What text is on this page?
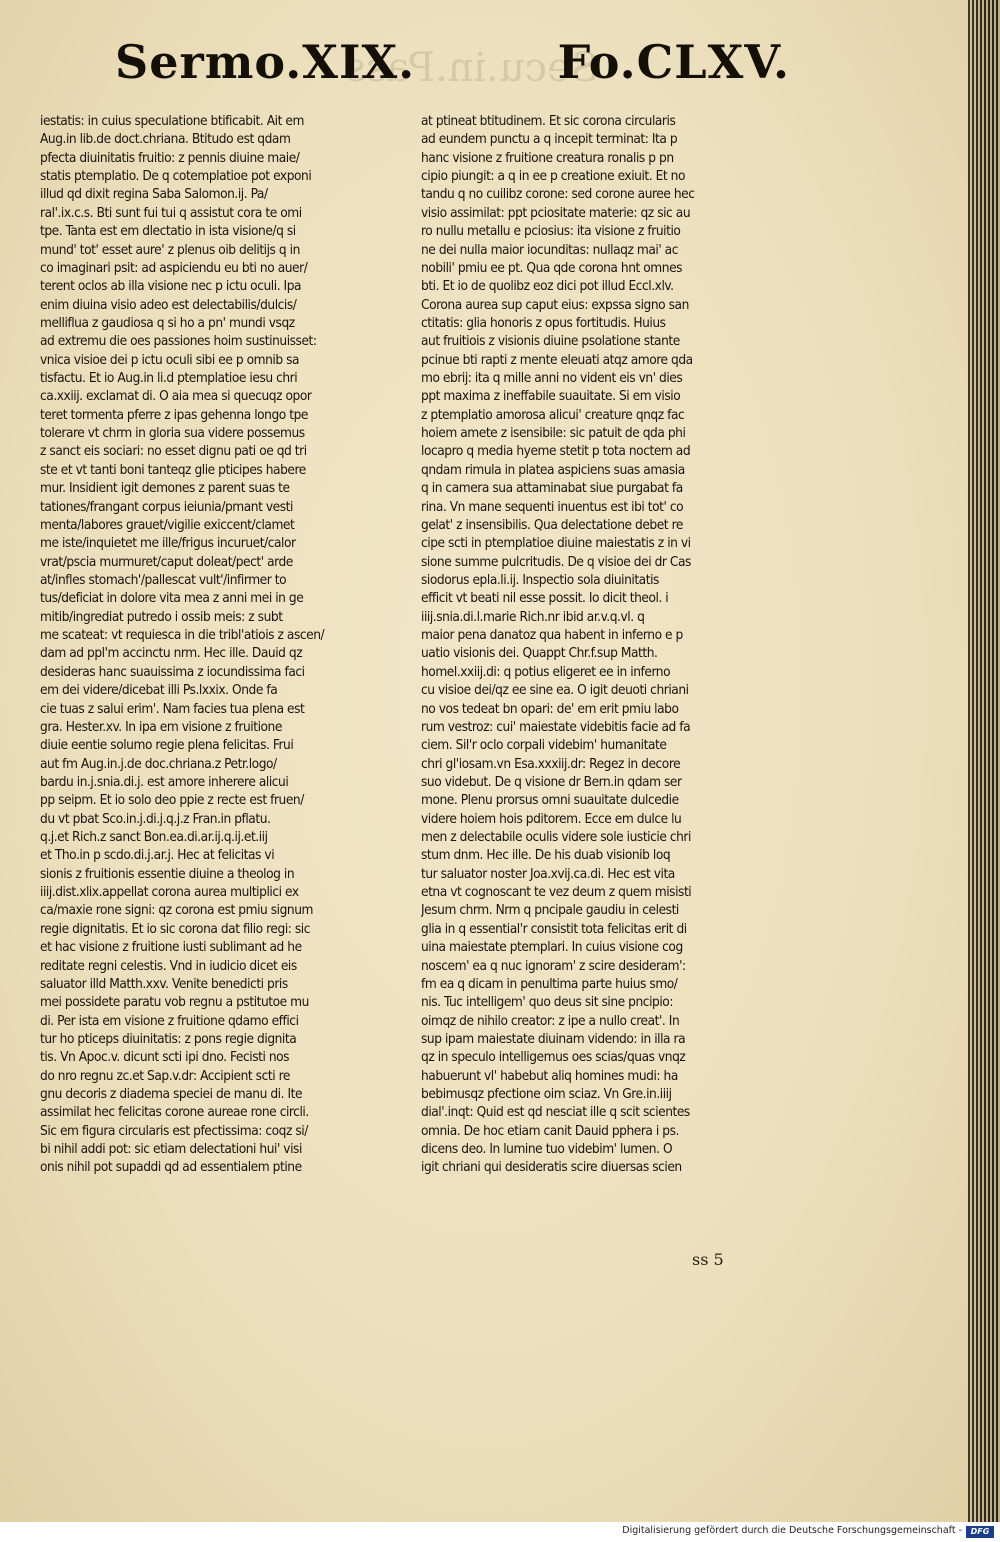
Secu.in.Pass
Sermo.XIX.	Fo.CLXV.
iestatis: in cuius speculatione btificabit. Ait em
Aug.in lib.de doct.chriana. Btitudo est qdam
pfecta diuinitatis fruitio: z pennis diuine maie/
statis ptemplatio. De q cotemplatioe pot exponi
illud qd dixit regina Saba Salomon.ij. Pa/
ral'.ix.c.s. Bti sunt fui tui q assistut cora te omi
tpe. Tanta est em dlectatio in ista visione/q si
mund' tot' esset aure' z plenus oib delitijs q in
co imaginari psit: ad aspiciendu eu bti no auer/
terent oclos ab illa visione nec p ictu oculi. Ipa
enim diuina visio adeo est delectabilis/dulcis/
melliflua z gaudiosa q si ho a pn' mundi vsqz
ad extremu die oes passiones hoim sustinuisset:
vnica visioe dei p ictu oculi sibi ee p omnib sa
tisfactu. Et io Aug.in li.d ptemplatioe iesu chri
ca.xxiij. exclamat di. O aia mea si quecuqz opor
teret tormenta pferre z ipas gehenna longo tpe
tolerare vt chrm in gloria sua videre possemus
z sanct eis sociari: no esset dignu pati oe qd tri
ste et vt tanti boni tanteqz glie pticipes habere
mur. Insidient igit demones z parent suas te
tationes/frangant corpus ieiunia/pmant vesti
menta/labores grauet/vigilie exiccent/clamet
me iste/inquietet me ille/frigus incuruet/calor
vrat/pscia murmuret/caput doleat/pect' arde
at/infles stomach'/pallescat vult'/infirmer to
tus/deficiat in dolore vita mea z anni mei in ge
mitib/ingrediat putredo i ossib meis: z subt
me scateat: vt requiesca in die tribl'atiois z ascen/
dam ad ppl'm accinctu nrm. Hec ille. Dauid qz
desideras hanc suauissima z iocundissima faci
em dei videre/dicebat illi Ps.lxxix. Onde fa
cie tuas z salui erim'. Nam facies tua plena est
gra. Hester.xv. In ipa em visione z fruitione
diuie eentie solumo regie plena felicitas. Frui
aut fm Aug.in.j.de doc.chriana.z Petr.logo/
bardu in.j.snia.di.j. est amore inherere alicui
pp seipm. Et io solo deo ppie z recte est fruen/
du vt pbat Sco.in.j.di.j.q.j.z Fran.in pflatu.
q.j.et Rich.z sanct Bon.ea.di.ar.ij.q.ij.et.iij
et Tho.in p scdo.di.j.ar.j. Hec at felicitas vi
sionis z fruitionis essentie diuine a theolog in
iiij.dist.xlix.appellat corona aurea multiplici ex
ca/maxie rone signi: qz corona est pmiu signum
regie dignitatis. Et io sic corona dat filio regi: sic
et hac visione z fruitione iusti sublimant ad he
reditate regni celestis. Vnd in iudicio dicet eis
saluator illd Matth.xxv. Venite benedicti pris
mei possidete paratu vob regnu a pstitutoe mu
di. Per ista em visione z fruitione qdamo effici
tur ho pticeps diuinitatis: z pons regie dignita
tis. Vn Apoc.v. dicunt scti ipi dno. Fecisti nos
do nro regnu zc.et Sap.v.dr: Accipient scti re
gnu decoris z diadema speciei de manu di. Ite
assimilat hec felicitas corone aureae rone circli.
Sic em figura circularis est pfectissima: coqz si/
bi nihil addi pot: sic etiam delectationi hui' visi
onis nihil pot supaddi qd ad essentialem ptine
at ptineat btitudinem. Et sic corona circularis
ad eundem punctu a q incepit terminat: Ita p
hanc visione z fruitione creatura ronalis p pn
cipio piungit: a q in ee p creatione exiuit. Et no
tandu q no cuilibz corone: sed corone auree hec
visio assimilat: ppt pciositate materie: qz sic au
ro nullu metallu e pciosius: ita visione z fruitio
ne dei nulla maior iocunditas: nullaqz mai' ac
nobili' pmiu ee pt. Qua qde corona hnt omnes
bti. Et io de quolibz eoz dici pot illud Eccl.xlv.
Corona aurea sup caput eius: expssa signo san
ctitatis: glia honoris z opus fortitudis. Huius
aut fruitiois z visionis diuine psolatione stante
pcinue bti rapti z mente eleuati atqz amore qda
mo ebrij: ita q mille anni no vident eis vn' dies
ppt maxima z ineffabile suauitate. Si em visio
z ptemplatio amorosa alicui' creature qnqz fac
hoiem amete z isensibile: sic patuit de qda phi
locapro q media hyeme stetit p tota noctem ad
qndam rimula in platea aspiciens suas amasia
q in camera sua attaminabat siue purgabat fa
rina. Vn mane sequenti inuentus est ibi tot' co
gelat' z insensibilis. Qua delectatione debet re
cipe scti in ptemplatioe diuine maiestatis z in vi
sione summe pulcritudis. De q visioe dei dr Cas
siodorus epla.li.ij. Inspectio sola diuinitatis
efficit vt beati nil esse possit. Io dicit theol. i
iiij.snia.di.l.marie Rich.nr ibid ar.v.q.vl. q
maior pena danatoz qua habent in inferno e p
uatio visionis dei. Quappt Chr.f.sup Matth.
homel.xxiij.di: q potius eligeret ee in inferno
cu visioe dei/qz ee sine ea. O igit deuoti chriani
no vos tedeat bn opari: de' em erit pmiu labo
rum vestroz: cui' maiestate videbitis facie ad fa
ciem. Sil'r oclo corpali videbim' humanitate
chri gl'iosam.vn Esa.xxxiij.dr: Regez in decore
suo videbut. De q visione dr Bern.in qdam ser
mone. Plenu prorsus omni suauitate dulcedie
videre hoiem hois pditorem. Ecce em dulce lu
men z delectabile oculis videre sole iusticie chri
stum dnm. Hec ille. De his duab visionib loq
tur saluator noster Joa.xvij.ca.di. Hec est vita
etna vt cognoscant te vez deum z quem misisti
Jesum chrm. Nrm q pncipale gaudiu in celesti
glia in q essential'r consistit tota felicitas erit di
uina maiestate ptemplari. In cuius visione cog
noscem' ea q nuc ignoram' z scire desideram':
fm ea q dicam in penultima parte huius smo/
nis. Tuc intelligem' quo deus sit sine pncipio:
oimqz de nihilo creator: z ipe a nullo creat'. In
sup ipam maiestate diuinam videndo: in illa ra
qz in speculo intelligemus oes scias/quas vnqz
habuerunt vl' habebut aliq homines mudi: ha
bebimusqz pfectione oim sciaz. Vn Gre.in.iiij
dial'.inqt: Quid est qd nesciat ille q scit scientes
omnia. De hoc etiam canit Dauid pphera i ps.
dicens deo. In lumine tuo videbim' lumen. O
igit chriani qui desideratis scire diuersas scien
ss 5
Digitalisierung gefördert durch die Deutsche Forschungsgemeinschaft -	DFG
